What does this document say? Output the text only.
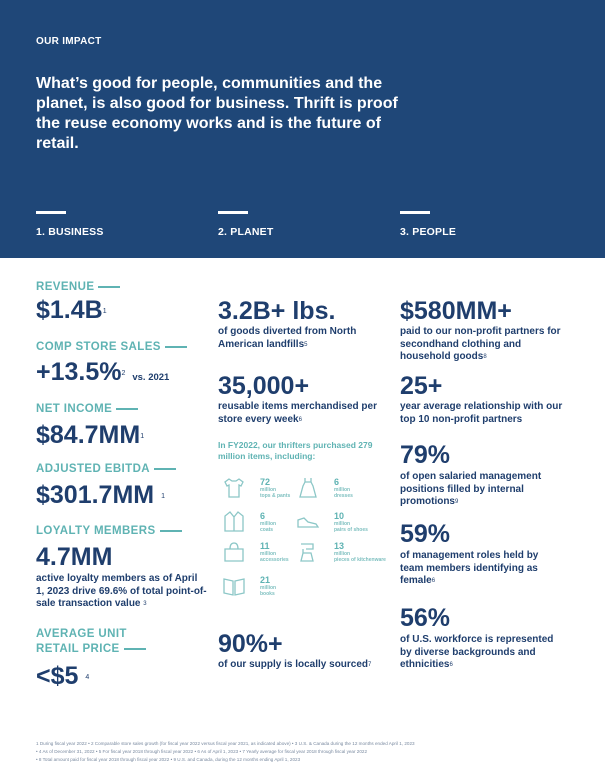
OUR IMPACT
What’s good for people, communities and the planet, is also good for business. Thrift is proof the reuse economy works and is the future of retail.
1. BUSINESS	2. PLANET	3. PEOPLE
REVENUE
$\$1.4B^1$
COMP STORE SALES
+13.5%$^2$ vs. 2021
NET INCOME
$\$84.7MM^1$
ADJUSTED EBITDA
$301.7MM $^1$
LOYALTY MEMBERS
4.7MM
active loyalty members as of April 1, 2023 drive 69.6% of total point-of-sale transaction value $^3$
AVERAGE UNIT
RETAIL PRICE
<$5 $^4$
3.2B+ lbs.
of goods diverted from North American landfills$^5$
35,000+
reusable items merchandised per store every week$^6$
In FY2022, our thrifters purchased 279 million items, including:
72
million
tops & pants
6
million
dresses
6
million
coats
10
million
pairs of shoes
11
million
accessories
13
million
pieces of kitchenware
21
million
books
90%+
of our supply is locally sourced$^7$
$580MM+
paid to our non-profit partners for secondhand clothing and household goods$^8$
25+
year average relationship with our top 10 non-profit partners
79%
of open salaried management positions filled by internal promotions$^9$
59%
of management roles held by team members identifying as female$^6$
56%
of U.S. workforce is represented by diverse backgrounds and ethnicities$^6$
1 During fiscal year 2022 • 2 Comparable store sales growth (for fiscal year 2022 versus fiscal year 2021, as indicated above) • 3 U.S. & Canada during the 12 months ended April 1, 2023
• 4 As of December 31, 2022 • 5 For fiscal year 2018 through fiscal year 2022 • 6 As of April 1, 2023 • 7 Yearly average for fiscal year 2018 through fiscal year 2022
• 8 Total amount paid for fiscal year 2018 through fiscal year 2022 • 9 U.S. and Canada, during the 12 months ending April 1, 2023
